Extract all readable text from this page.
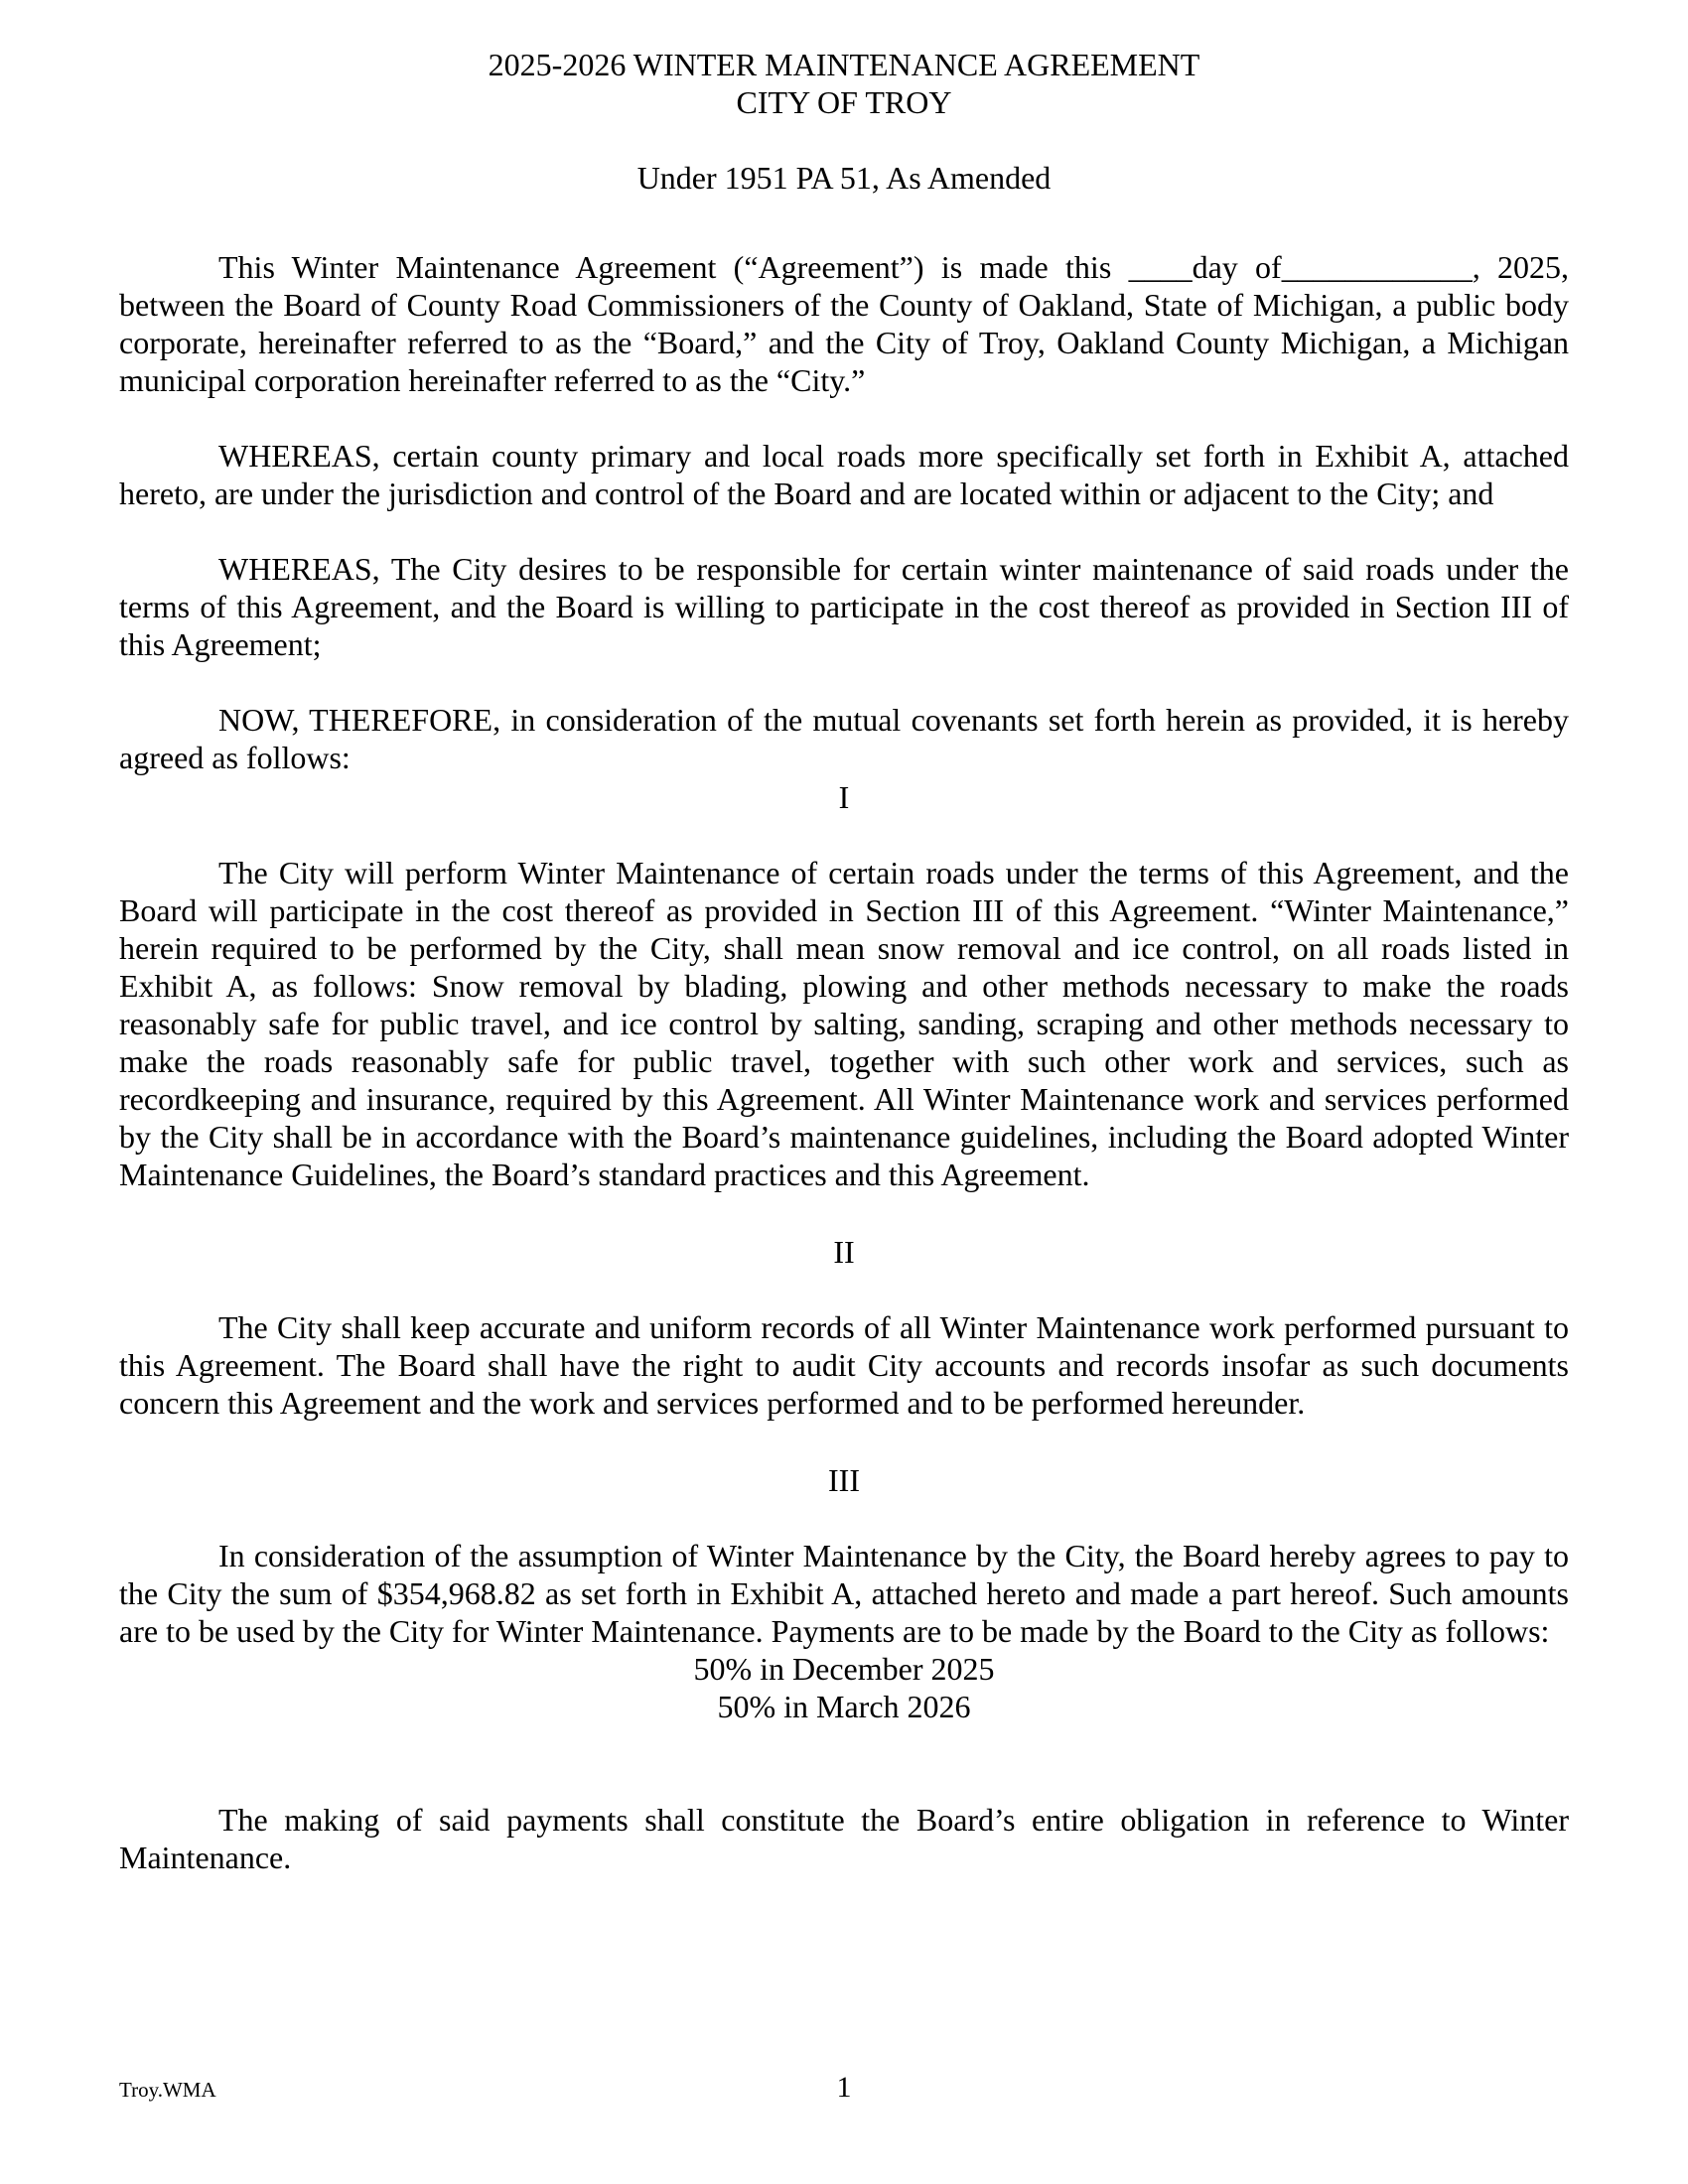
2025-2026 WINTER MAINTENANCE AGREEMENT
CITY OF TROY
Under 1951 PA 51, As Amended

This Winter Maintenance Agreement (“Agreement”) is made this ____day of____________, 2025, between the Board of County Road Commissioners of the County of Oakland, State of Michigan, a public body corporate, hereinafter referred to as the “Board,” and the City of Troy, Oakland County Michigan, a Michigan municipal corporation hereinafter referred to as the “City.”

WHEREAS, certain county primary and local roads more specifically set forth in Exhibit A, attached hereto, are under the jurisdiction and control of the Board and are located within or adjacent to the City; and

WHEREAS, The City desires to be responsible for certain winter maintenance of said roads under the terms of this Agreement, and the Board is willing to participate in the cost thereof as provided in Section III of this Agreement;

NOW, THEREFORE, in consideration of the mutual covenants set forth herein as provided, it is hereby agreed as follows:

I

The City will perform Winter Maintenance of certain roads under the terms of this Agreement, and the Board will participate in the cost thereof as provided in Section III of this Agreement. “Winter Maintenance,” herein required to be performed by the City, shall mean snow removal and ice control, on all roads listed in Exhibit A, as follows: Snow removal by blading, plowing and other methods necessary to make the roads reasonably safe for public travel, and ice control by salting, sanding, scraping and other methods necessary to make the roads reasonably safe for public travel, together with such other work and services, such as recordkeeping and insurance, required by this Agreement. All Winter Maintenance work and services performed by the City shall be in accordance with the Board’s maintenance guidelines, including the Board adopted Winter Maintenance Guidelines, the Board’s standard practices and this Agreement.

II

The City shall keep accurate and uniform records of all Winter Maintenance work performed pursuant to this Agreement. The Board shall have the right to audit City accounts and records insofar as such documents concern this Agreement and the work and services performed and to be performed hereunder.

III

In consideration of the assumption of Winter Maintenance by the City, the Board hereby agrees to pay to the City the sum of $354,968.82 as set forth in Exhibit A, attached hereto and made a part hereof. Such amounts are to be used by the City for Winter Maintenance. Payments are to be made by the Board to the City as follows:

50% in December 2025
50% in March 2026

The making of said payments shall constitute the Board’s entire obligation in reference to Winter Maintenance.

Troy.WMA	1
